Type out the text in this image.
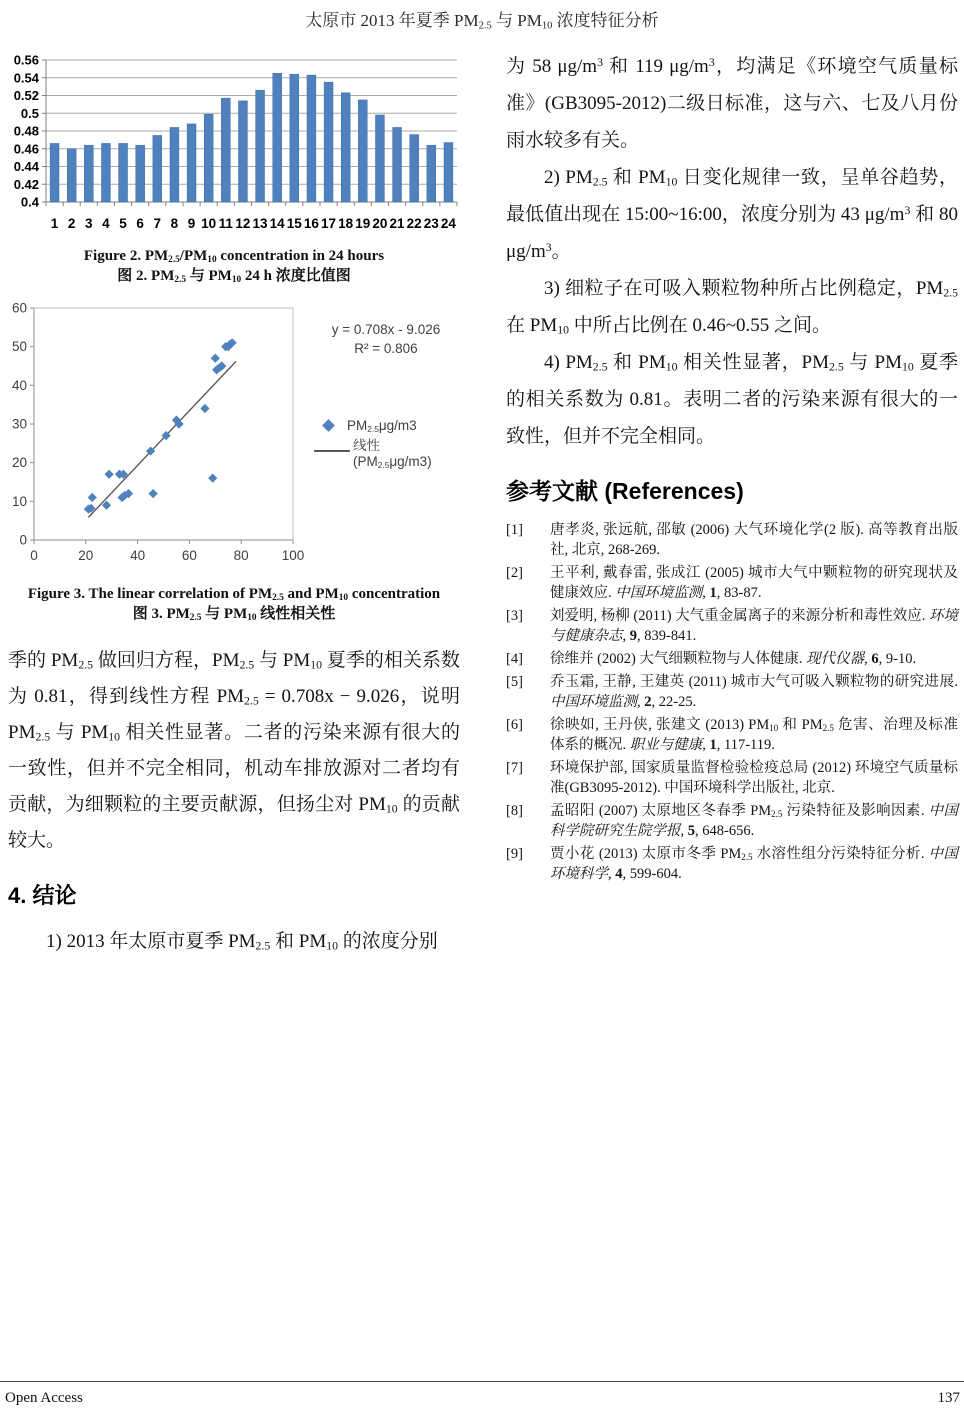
太原市 2013 年夏季 $PM_{2.5}$ 与 $PM_{10}$ 浓度特征分析
0.4
0.42
0.44
0.46
0.48
0.5
0.52
0.54
0.56
1 2 3 4 5 6 7 8 9 10 11 12 13 14 15 16 17 18 19 20 21 22 23 24
Figure 2. $PM_{2.5}/PM_{10}$ concentration in 24 hours
图 2. $PM_{2.5}$ 与 $PM_{10}$ 24 h 浓度比值图
0
10
20
30
40
50
60
0	20	40	60	80 100
y = 0.708x - 9.026
R² = 0.806
$PM_{2.5}\mu g/m3$
线性 $(PM_{2.5}\mu g/m3)$
Figure 3. The linear correlation of $PM_{2.5}$ and $PM_{10}$ concentration
图 3. $PM_{2.5}$ 与 $PM_{10}$ 线性相关性

季的 $PM_{2.5}$ 做回归方程，$PM_{2.5}$ 与 $PM_{10}$ 夏季的相关系数为 0.81，得到线性方程 $PM_{2.5} = 0.708x - 9.026$，说明 $PM_{2.5}$ 与 $PM_{10}$ 相关性显著。二者的污染来源有很大的一致性，但并不完全相同，机动车排放源对二者均有贡献，为细颗粒的主要贡献源，但扬尘对 $PM_{10}$ 的贡献较大。

4. 结论

1) 2013 年太原市夏季 $PM_{2.5}$ 和 $PM_{10}$ 的浓度分别

为 58 $\mu g/m^3$ 和 119 $\mu g/m^3$，均满足《环境空气质量标准》(GB3095-2012)二级日标准，这与六、七及八月份雨水较多有关。

2) $PM_{2.5}$ 和 $PM_{10}$ 日变化规律一致，呈单谷趋势，最低值出现在 15:00~16:00，浓度分别为 43 $\mu g/m^3$ 和 80 $\mu g/m^3$。

3) 细粒子在可吸入颗粒物种所占比例稳定，$PM_{2.5}$ 在 $PM_{10}$ 中所占比例在 0.46~0.55 之间。

4) $PM_{2.5}$ 和 $PM_{10}$ 相关性显著，$PM_{2.5}$ 与 $PM_{10}$ 夏季的相关系数为 0.81。表明二者的污染来源有很大的一致性，但并不完全相同。

参考文献 (References)
[1] 唐孝炎, 张远航, 邵敏 (2006) 大气环境化学(2 版). 高等教育出版社, 北京, 268-269.
[2] 王平利, 戴春雷, 张成江 (2005) 城市大气中颗粒物的研究现状及健康效应. 中国环境监测, 1, 83-87.
[3] 刘爱明, 杨柳 (2011) 大气重金属离子的来源分析和毒性效应. 环境与健康杂志, 9, 839-841.
[4] 徐维并 (2002) 大气细颗粒物与人体健康. 现代仪器, 6, 9-10.
[5] 乔玉霜, 王静, 王建英 (2011) 城市大气可吸入颗粒物的研究进展. 中国环境监测, 2, 22-25.
[6] 徐映如, 王丹侠, 张建文 (2013) $PM_{10}$ 和 $PM_{2.5}$ 危害、治理及标准体系的概况. 职业与健康, 1, 117-119.
[7] 环境保护部, 国家质量监督检验检疫总局 (2012) 环境空气质量标准(GB3095-2012). 中国环境科学出版社, 北京.
[8] 孟昭阳 (2007) 太原地区冬春季 $PM_{2.5}$ 污染特征及影响因素. 中国科学院研究生院学报, 5, 648-656.
[9] 贾小花 (2013) 太原市冬季 $PM_{2.5}$ 水溶性组分污染特征分析. 中国环境科学, 4, 599-604.
Open Access	137
